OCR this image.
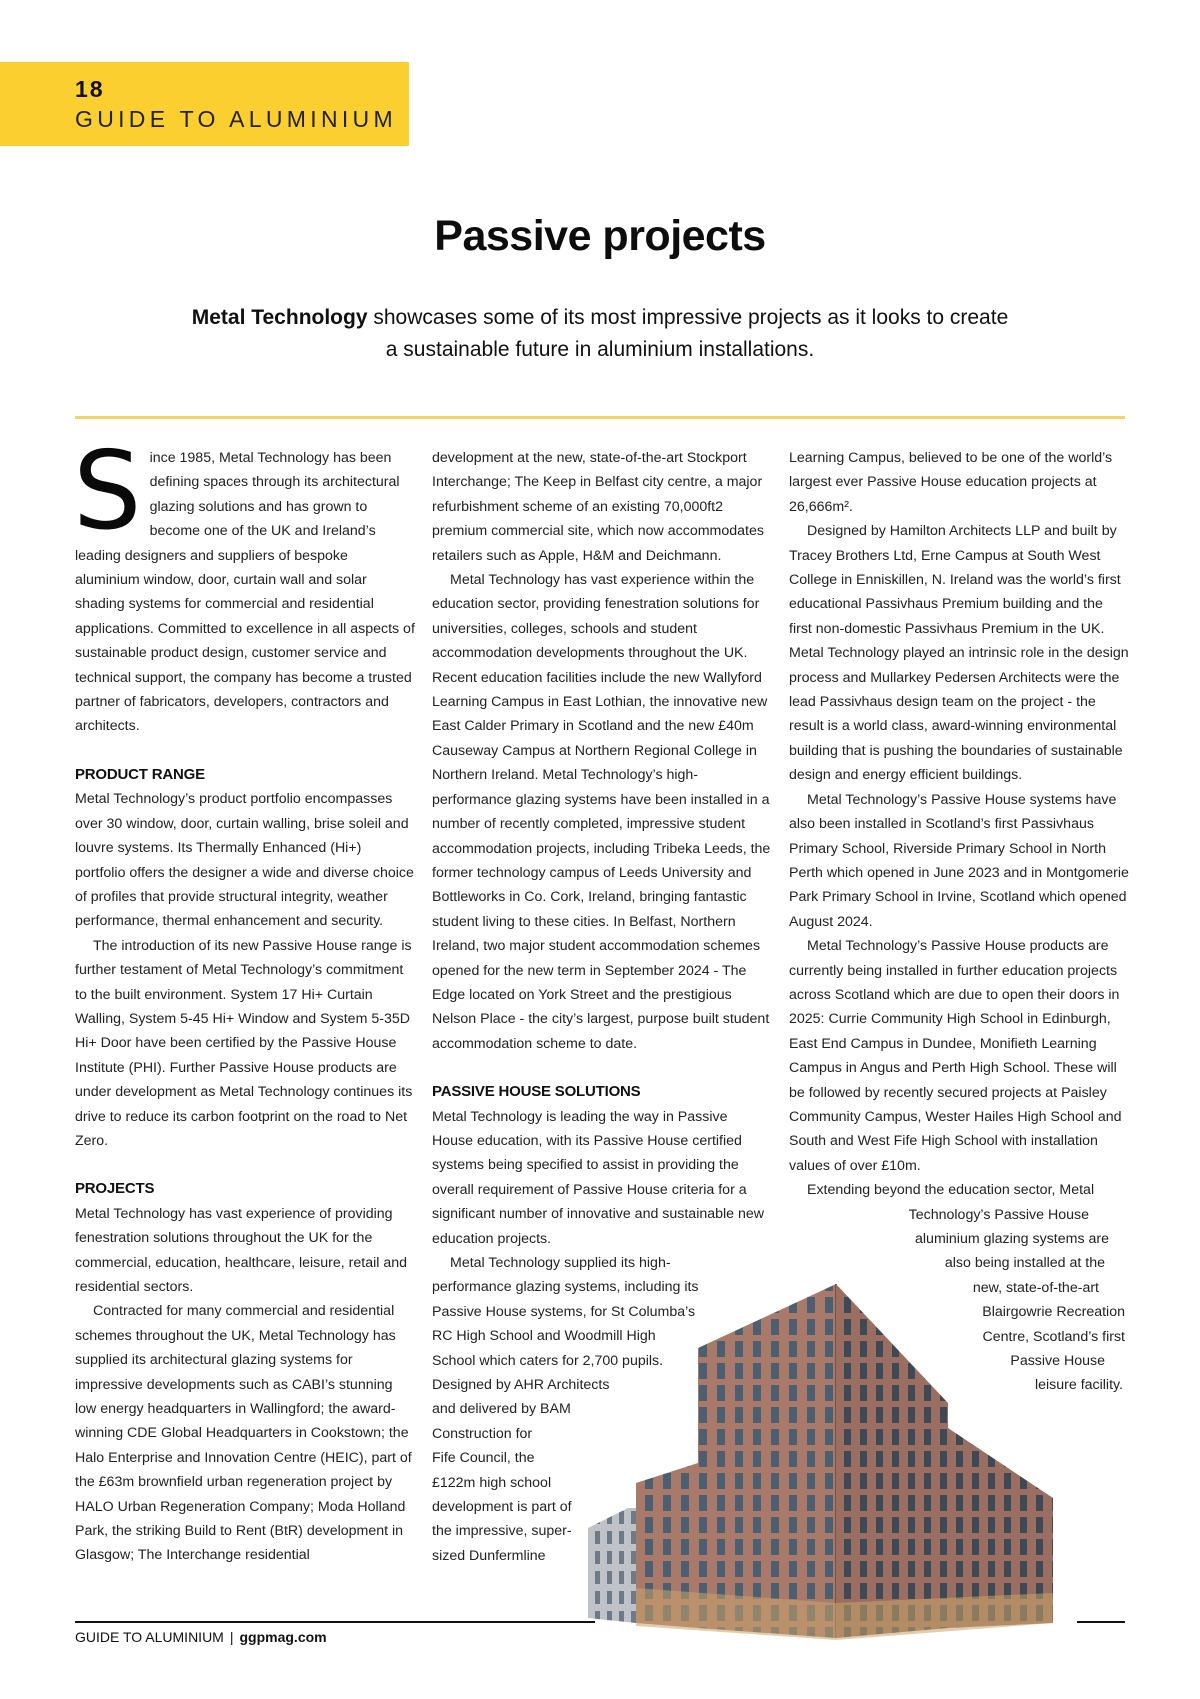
18
GUIDE TO ALUMINIUM
Passive projects
Metal Technology showcases some of its most impressive projects as it looks to create a sustainable future in aluminium installations.
S ince 1985, Metal Technology has been
defining spaces through its architectural
glazing solutions and has grown to
become one of the UK and Ireland’s

leading designers and suppliers of bespoke aluminium window, door, curtain wall and solar shading systems for commercial and residential applications. Committed to excellence in all aspects of sustainable product design, customer service and technical support, the company has become a trusted partner of fabricators, developers, contractors and architects.

PRODUCT RANGE

Metal Technology’s product portfolio encompasses over 30 window, door, curtain walling, brise soleil and louvre systems. Its Thermally Enhanced (Hi+) portfolio offers the designer a wide and diverse choice of profiles that provide structural integrity, weather performance, thermal enhancement and security.

The introduction of its new Passive House range is further testament of Metal Technology’s commitment to the built environment. System 17 Hi+ Curtain Walling, System 5-45 Hi+ Window and System 5-35D Hi+ Door have been certified by the Passive House Institute (PHI). Further Passive House products are under development as Metal Technology continues its drive to reduce its carbon footprint on the road to Net Zero.

PROJECTS

Metal Technology has vast experience of providing fenestration solutions throughout the UK for the commercial, education, healthcare, leisure, retail and residential sectors.

Contracted for many commercial and residential schemes throughout the UK, Metal Technology has supplied its architectural glazing systems for impressive developments such as CABI’s stunning low energy headquarters in Wallingford; the award-winning CDE Global Headquarters in Cookstown; the Halo Enterprise and Innovation Centre (HEIC), part of the £63m brownfield urban regeneration project by HALO Urban Regeneration Company; Moda Holland Park, the striking Build to Rent (BtR) development in Glasgow; The Interchange residential

development at the new, state-of-the-art Stockport Interchange; The Keep in Belfast city centre, a major refurbishment scheme of an existing 70,000ft2 premium commercial site, which now accommodates retailers such as Apple, H&M and Deichmann.

Metal Technology has vast experience within the education sector, providing fenestration solutions for universities, colleges, schools and student accommodation developments throughout the UK. Recent education facilities include the new Wallyford Learning Campus in East Lothian, the innovative new East Calder Primary in Scotland and the new £40m Causeway Campus at Northern Regional College in Northern Ireland. Metal Technology’s high-performance glazing systems have been installed in a number of recently completed, impressive student accommodation projects, including Tribeka Leeds, the former technology campus of Leeds University and Bottleworks in Co. Cork, Ireland, bringing fantastic student living to these cities. In Belfast, Northern Ireland, two major student accommodation schemes opened for the new term in September 2024 - The Edge located on York Street and the prestigious Nelson Place - the city’s largest, purpose built student accommodation scheme to date.

PASSIVE HOUSE SOLUTIONS

Metal Technology is leading the way in Passive House education, with its Passive House certified systems being specified to assist in providing the overall requirement of Passive House criteria for a significant number of innovative and sustainable new education projects.

Metal Technology supplied its high-
performance glazing systems, including its
Passive House systems, for St Columba’s
RC High School and Woodmill High
School which caters for 2,700 pupils.
Designed by AHR Architects
and delivered by BAM
Construction for
Fife Council, the
£122m high school
development is part of
the impressive, super-
sized Dunfermline

Learning Campus, believed to be one of the world’s largest ever Passive House education projects at 26,666m².

Designed by Hamilton Architects LLP and built by Tracey Brothers Ltd, Erne Campus at South West College in Enniskillen, N. Ireland was the world’s first educational Passivhaus Premium building and the first non-domestic Passivhaus Premium in the UK. Metal Technology played an intrinsic role in the design process and Mullarkey Pedersen Architects were the lead Passivhaus design team on the project - the result is a world class, award-winning environmental building that is pushing the boundaries of sustainable design and energy efficient buildings.

Metal Technology’s Passive House systems have also been installed in Scotland’s first Passivhaus Primary School, Riverside Primary School in North Perth which opened in June 2023 and in Montgomerie Park Primary School in Irvine, Scotland which opened August 2024.

Metal Technology’s Passive House products are currently being installed in further education projects across Scotland which are due to open their doors in 2025: Currie Community High School in Edinburgh, East End Campus in Dundee, Monifieth Learning Campus in Angus and Perth High School. These will be followed by recently secured projects at Paisley Community Campus, Wester Hailes High School and South and West Fife High School with installation values of over £10m.

Extending beyond the education sector, Metal
Technology’s Passive House
aluminium glazing systems are
also being installed at the
new, state-of-the-art
Blairgowrie Recreation
Centre, Scotland’s first
Passive House
leisure facility.
GUIDE TO ALUMINIUM | ggpmag.com
